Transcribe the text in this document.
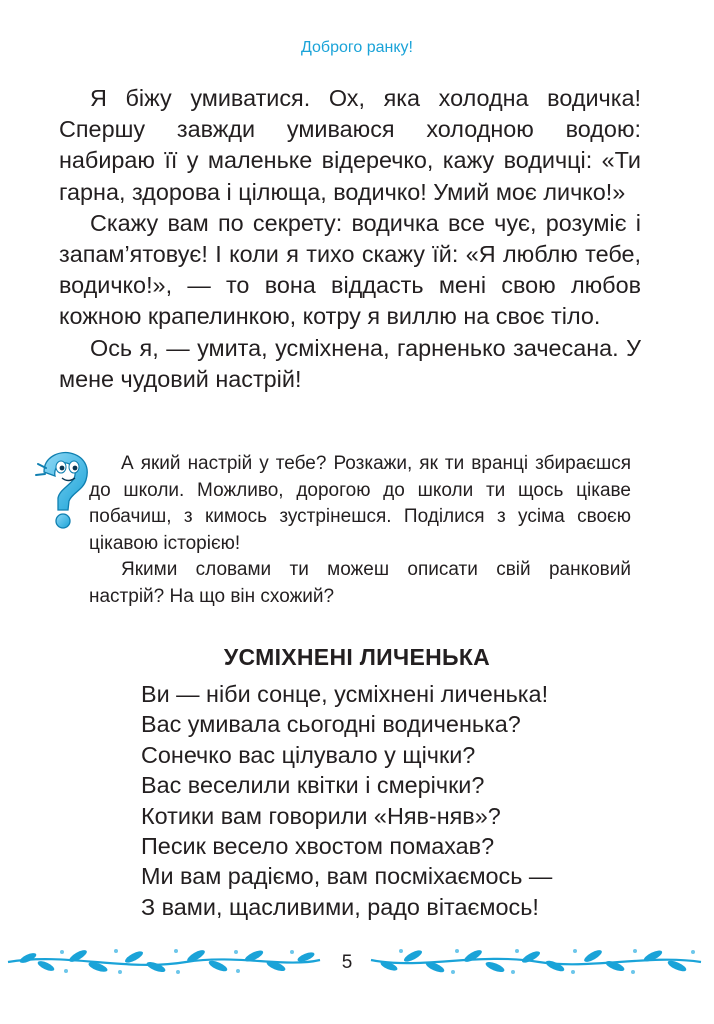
Доброго ранку!

Я біжу умиватися. Ох, яка холодна водичка! Спершу завжди умиваюся холодною водою: набираю її у маленьке відеречко, кажу водичці: «Ти гарна, здорова і цілюща, водичко! Умий моє личко!»

Скажу вам по секрету: водичка все чує, розуміє і запам’ятовує! І коли я тихо скажу їй: «Я люблю тебе, водичко!», — то вона віддасть мені свою любов кожною крапелинкою, котру я виллю на своє тіло.

Ось я, — умита, усміхнена, гарненько зачесана. У мене чудовий настрій!

А який настрій у тебе? Розкажи, як ти вранці збираєшся до школи. Можливо, дорогою до школи ти щось цікаве побачиш, з кимось зустрінешся. Поділися з усіма своєю цікавою історією!

Якими словами ти можеш описати свій ранковий настрій? На що він схожий?

УСМІХНЕНІ ЛИЧЕНЬКА
Ви — ніби сонце, усміхнені личенька!
Вас умивала сьогодні водиченька?
Сонечко вас цілувало у щічки?
Вас веселили квітки і смерічки?
Котики вам говорили «Няв-няв»?
Песик весело хвостом помахав?
Ми вам радіємо, вам посміхаємось —
З вами, щасливими, радо вітаємось!
5
